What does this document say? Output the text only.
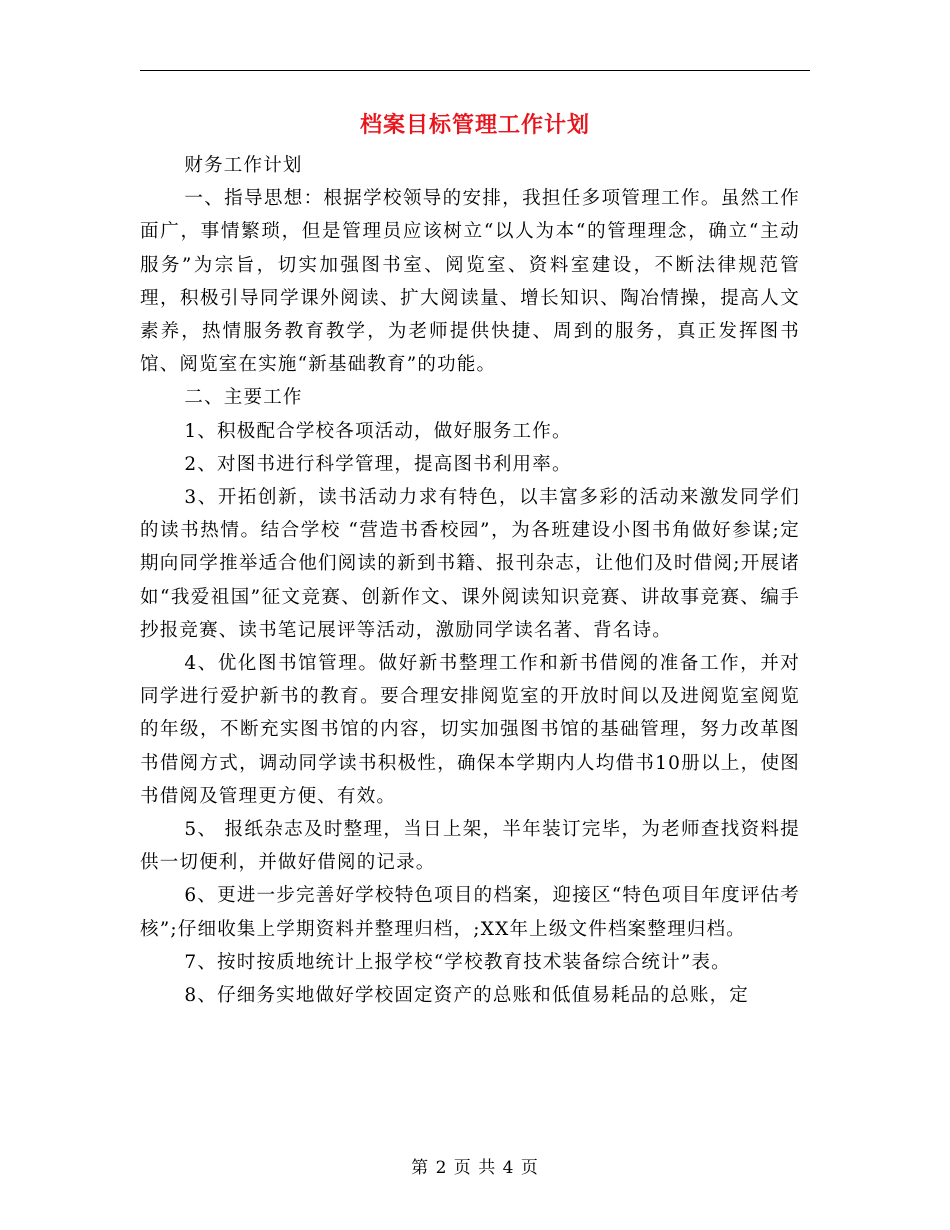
档案目标管理工作计划

财务工作计划

一、指导思想：根据学校领导的安排，我担任多项管理工作。虽然工作面广，事情繁琐，但是管理员应该树立“以人为本“的管理理念，确立“主动服务”为宗旨，切实加强图书室、阅览室、资料室建设，不断法律规范管理，积极引导同学课外阅读、扩大阅读量、增长知识、陶冶情操，提高人文素养，热情服务教育教学，为老师提供快捷、周到的服务，真正发挥图书馆、阅览室在实施“新基础教育”的功能。

二、主要工作

1、积极配合学校各项活动，做好服务工作。

2、对图书进行科学管理，提高图书利用率。

3、开拓创新，读书活动力求有特色，以丰富多彩的活动来激发同学们的读书热情。结合学校 “营造书香校园”，为各班建设小图书角做好参谋;定期向同学推举适合他们阅读的新到书籍、报刊杂志，让他们及时借阅;开展诸如“我爱祖国”征文竞赛、创新作文、课外阅读知识竞赛、讲故事竞赛、编手抄报竞赛、读书笔记展评等活动，激励同学读名著、背名诗。

4、优化图书馆管理。做好新书整理工作和新书借阅的准备工作，并对同学进行爱护新书的教育。要合理安排阅览室的开放时间以及进阅览室阅览的年级，不断充实图书馆的内容，切实加强图书馆的基础管理，努力改革图书借阅方式，调动同学读书积极性，确保本学期内人均借书10册以上，使图书借阅及管理更方便、有效。

5、 报纸杂志及时整理，当日上架，半年装订完毕，为老师查找资料提供一切便利，并做好借阅的记录。

6、更进一步完善好学校特色项目的档案，迎接区“特色项目年度评估考核”;仔细收集上学期资料并整理归档，;XX年上级文件档案整理归档。

7、按时按质地统计上报学校“学校教育技术装备综合统计”表。

8、仔细务实地做好学校固定资产的总账和低值易耗品的总账，定

第 2 页 共 4 页
